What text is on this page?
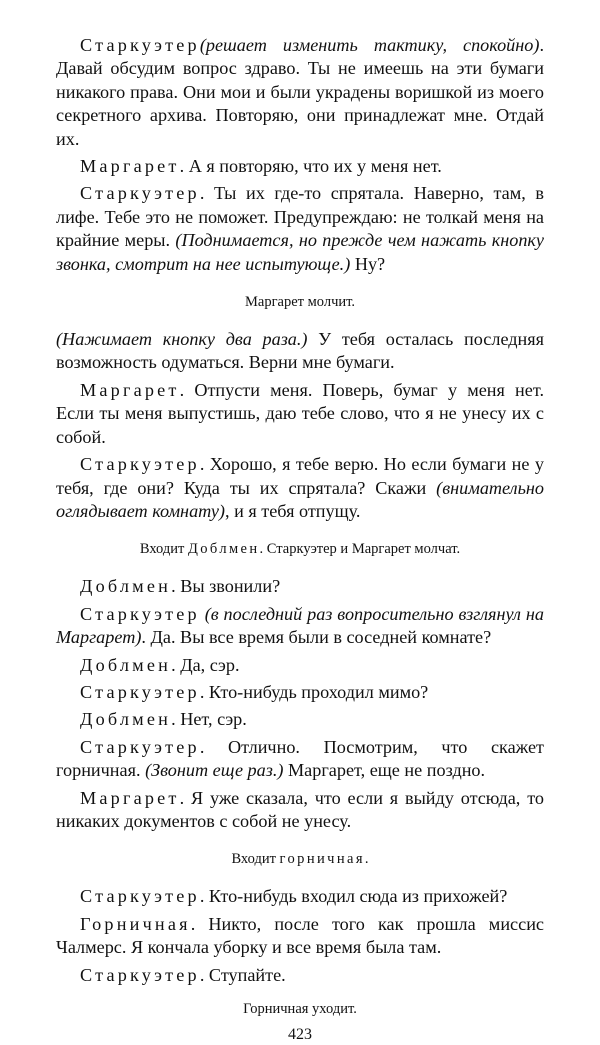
Старкуэтер(решает изменить тактику, спокойно). Давай обсудим вопрос здраво. Ты не имеешь на эти бумаги никакого права. Они мои и были украдены воришкой из моего секретного архива. Повторяю, они принадлежат мне. Отдай их.
Маргарет. А я повторяю, что их у меня нет.
Старкуэтер. Ты их где-то спрятала. Наверно, там, в лифе. Тебе это не поможет. Предупреждаю: не толкай меня на крайние меры. (Поднимается, но прежде чем нажать кнопку звонка, смотрит на нее испытующе.) Ну?
Маргарет молчит.
(Нажимает кнопку два раза.) У тебя осталась последняя возможность одуматься. Верни мне бумаги.
Маргарет. Отпусти меня. Поверь, бумаг у меня нет. Если ты меня выпустишь, даю тебе слово, что я не унесу их с собой.
Старкуэтер. Хорошо, я тебе верю. Но если бумаги не у тебя, где они? Куда ты их спрятала? Скажи (внимательно оглядывает комнату), и я тебя отпущу.
Входит Доблмен. Старкуэтер и Маргарет молчат.
Доблмен. Вы звонили?
Старкуэтер (в последний раз вопросительно взглянул на Маргарет). Да. Вы все время были в соседней комнате?
Доблмен. Да, сэр.
Старкуэтер. Кто-нибудь проходил мимо?
Доблмен. Нет, сэр.
Старкуэтер. Отлично. Посмотрим, что скажет горничная. (Звонит еще раз.) Маргарет, еще не поздно.
Маргарет. Я уже сказала, что если я выйду отсюда, то никаких документов с собой не унесу.
Входит горничная.
Старкуэтер. Кто-нибудь входил сюда из прихожей?
Горничная. Никто, после того как прошла миссис Чалмерс. Я кончала уборку и все время была там.
Старкуэтер. Ступайте.
Горничная уходит.
423
